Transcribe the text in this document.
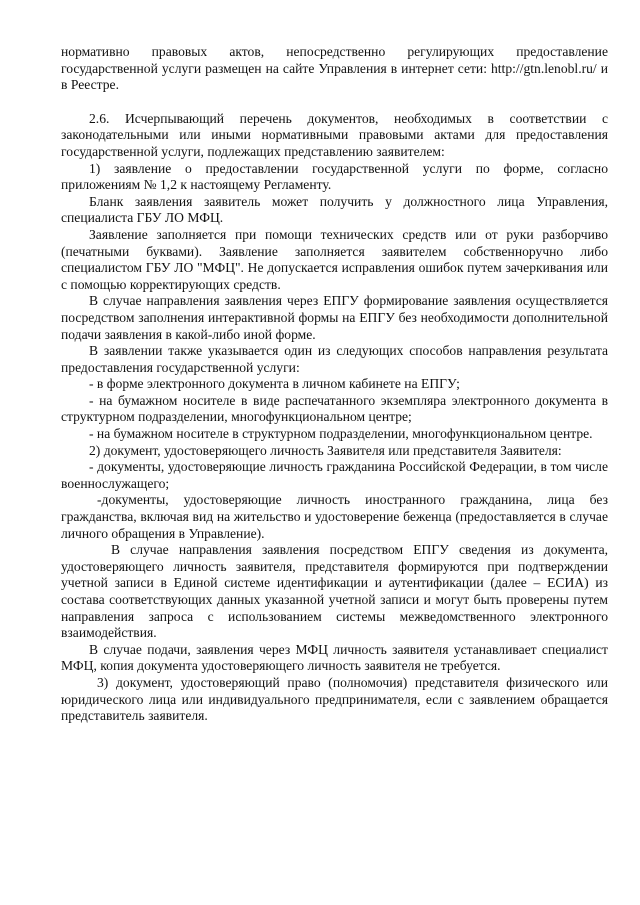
нормативно правовых актов, непосредственно регулирующих предоставление государственной услуги размещен на сайте Управления в интернет сети: http://gtn.lenobl.ru/ и в Реестре.

2.6. Исчерпывающий перечень документов, необходимых в соответствии с законодательными или иными нормативными правовыми актами для предоставления государственной услуги, подлежащих представлению заявителем:

1) заявление о предоставлении государственной услуги по форме, согласно приложениям № 1,2 к настоящему Регламенту.

Бланк заявления заявитель может получить у должностного лица Управления, специалиста ГБУ ЛО МФЦ.

Заявление заполняется при помощи технических средств или от руки разборчиво (печатными буквами). Заявление заполняется заявителем собственноручно либо специалистом ГБУ ЛО "МФЦ". Не допускается исправления ошибок путем зачеркивания или с помощью корректирующих средств.

В случае направления заявления через ЕПГУ формирование заявления осуществляется посредством заполнения интерактивной формы на ЕПГУ без необходимости дополнительной подачи заявления в какой-либо иной форме.

В заявлении также указывается один из следующих способов направления результата предоставления государственной услуги:

- в форме электронного документа в личном кабинете на ЕПГУ;

- на бумажном носителе в виде распечатанного экземпляра электронного документа в структурном подразделении, многофункциональном центре;

- на бумажном носителе в структурном подразделении, многофункциональном центре.

2) документ, удостоверяющего личность Заявителя или представителя Заявителя:

- документы, удостоверяющие личность гражданина Российской Федерации, в том числе военнослужащего;

-документы, удостоверяющие личность иностранного гражданина, лица без гражданства, включая вид на жительство и удостоверение беженца (предоставляется в случае личного обращения в Управление).

В случае направления заявления посредством ЕПГУ сведения из документа, удостоверяющего личность заявителя, представителя формируются при подтверждении учетной записи в Единой системе идентификации и аутентификации (далее – ЕСИА) из состава соответствующих данных указанной учетной записи и могут быть проверены путем направления запроса с использованием системы межведомственного электронного взаимодействия.

В случае подачи, заявления через МФЦ личность заявителя устанавливает специалист МФЦ, копия документа удостоверяющего личность заявителя не требуется.

3) документ, удостоверяющий право (полномочия) представителя физического или юридического лица или индивидуального предпринимателя, если с заявлением обращается представитель заявителя.
